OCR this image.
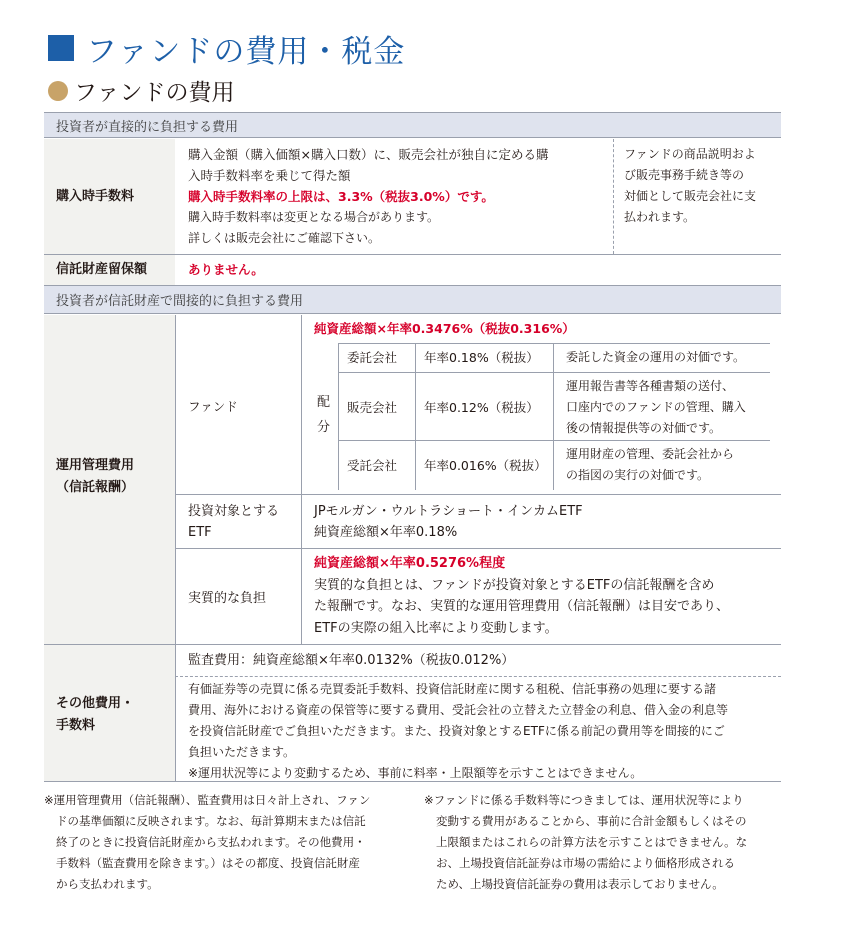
ファンドの費用・税金
ファンドの費用
投資者が直接的に負担する費用
購入時手数料
購入金額（購入価額×購入口数）に、販売会社が独自に定める購
入時手数料率を乗じて得た額
購入時手数料率の上限は、3.3%（税抜3.0%）です。
購入時手数料率は変更となる場合があります。
詳しくは販売会社にご確認下さい。
ファンドの商品説明およ
び販売事務手続き等の
対価として販売会社に支
払われます。
信託財産留保額	ありません。
投資者が信託財産で間接的に負担する費用
運用管理費用
（信託報酬）
ファンド
純資産総額×年率0.3476%（税抜0.316%）
配
分
委託会社 年率0.18%（税抜） 委託した資金の運用の対価です。
販売会社 年率0.12%（税抜）
運用報告書等各種書類の送付、
口座内でのファンドの管理、購入
後の情報提供等の対価です。
受託会社 年率0.016%（税抜）
運用財産の管理、委託会社から
の指図の実行の対価です。
投資対象とする
ETF
JPモルガン・ウルトラショート・インカムETF
純資産総額×年率0.18%
実質的な負担
純資産総額×年率0.5276%程度
実質的な負担とは、ファンドが投資対象とするETFの信託報酬を含め
た報酬です。なお、実質的な運用管理費用（信託報酬）は目安であり、
ETFの実際の組入比率により変動します。
その他費用・
手数料
監査費用：純資産総額×年率0.0132%（税抜0.012%）
有価証券等の売買に係る売買委託手数料、投資信託財産に関する租税、信託事務の処理に要する諸
費用、海外における資産の保管等に要する費用、受託会社の立替えた立替金の利息、借入金の利息等
を投資信託財産でご負担いただきます。また、投資対象とするETFに係る前記の費用等を間接的にご
負担いただきます。
※運用状況等により変動するため、事前に料率・上限額等を示すことはできません。
※運用管理費用（信託報酬）、監査費用は日々計上され、ファン
ドの基準価額に反映されます。なお、毎計算期末または信託
終了のときに投資信託財産から支払われます。その他費用・
手数料（監査費用を除きます。）はその都度、投資信託財産
から支払われます。
※ファンドに係る手数料等につきましては、運用状況等により
変動する費用があることから、事前に合計金額もしくはその
上限額またはこれらの計算方法を示すことはできません。な
お、上場投資信託証券は市場の需給により価格形成される
ため、上場投資信託証券の費用は表示しておりません。
